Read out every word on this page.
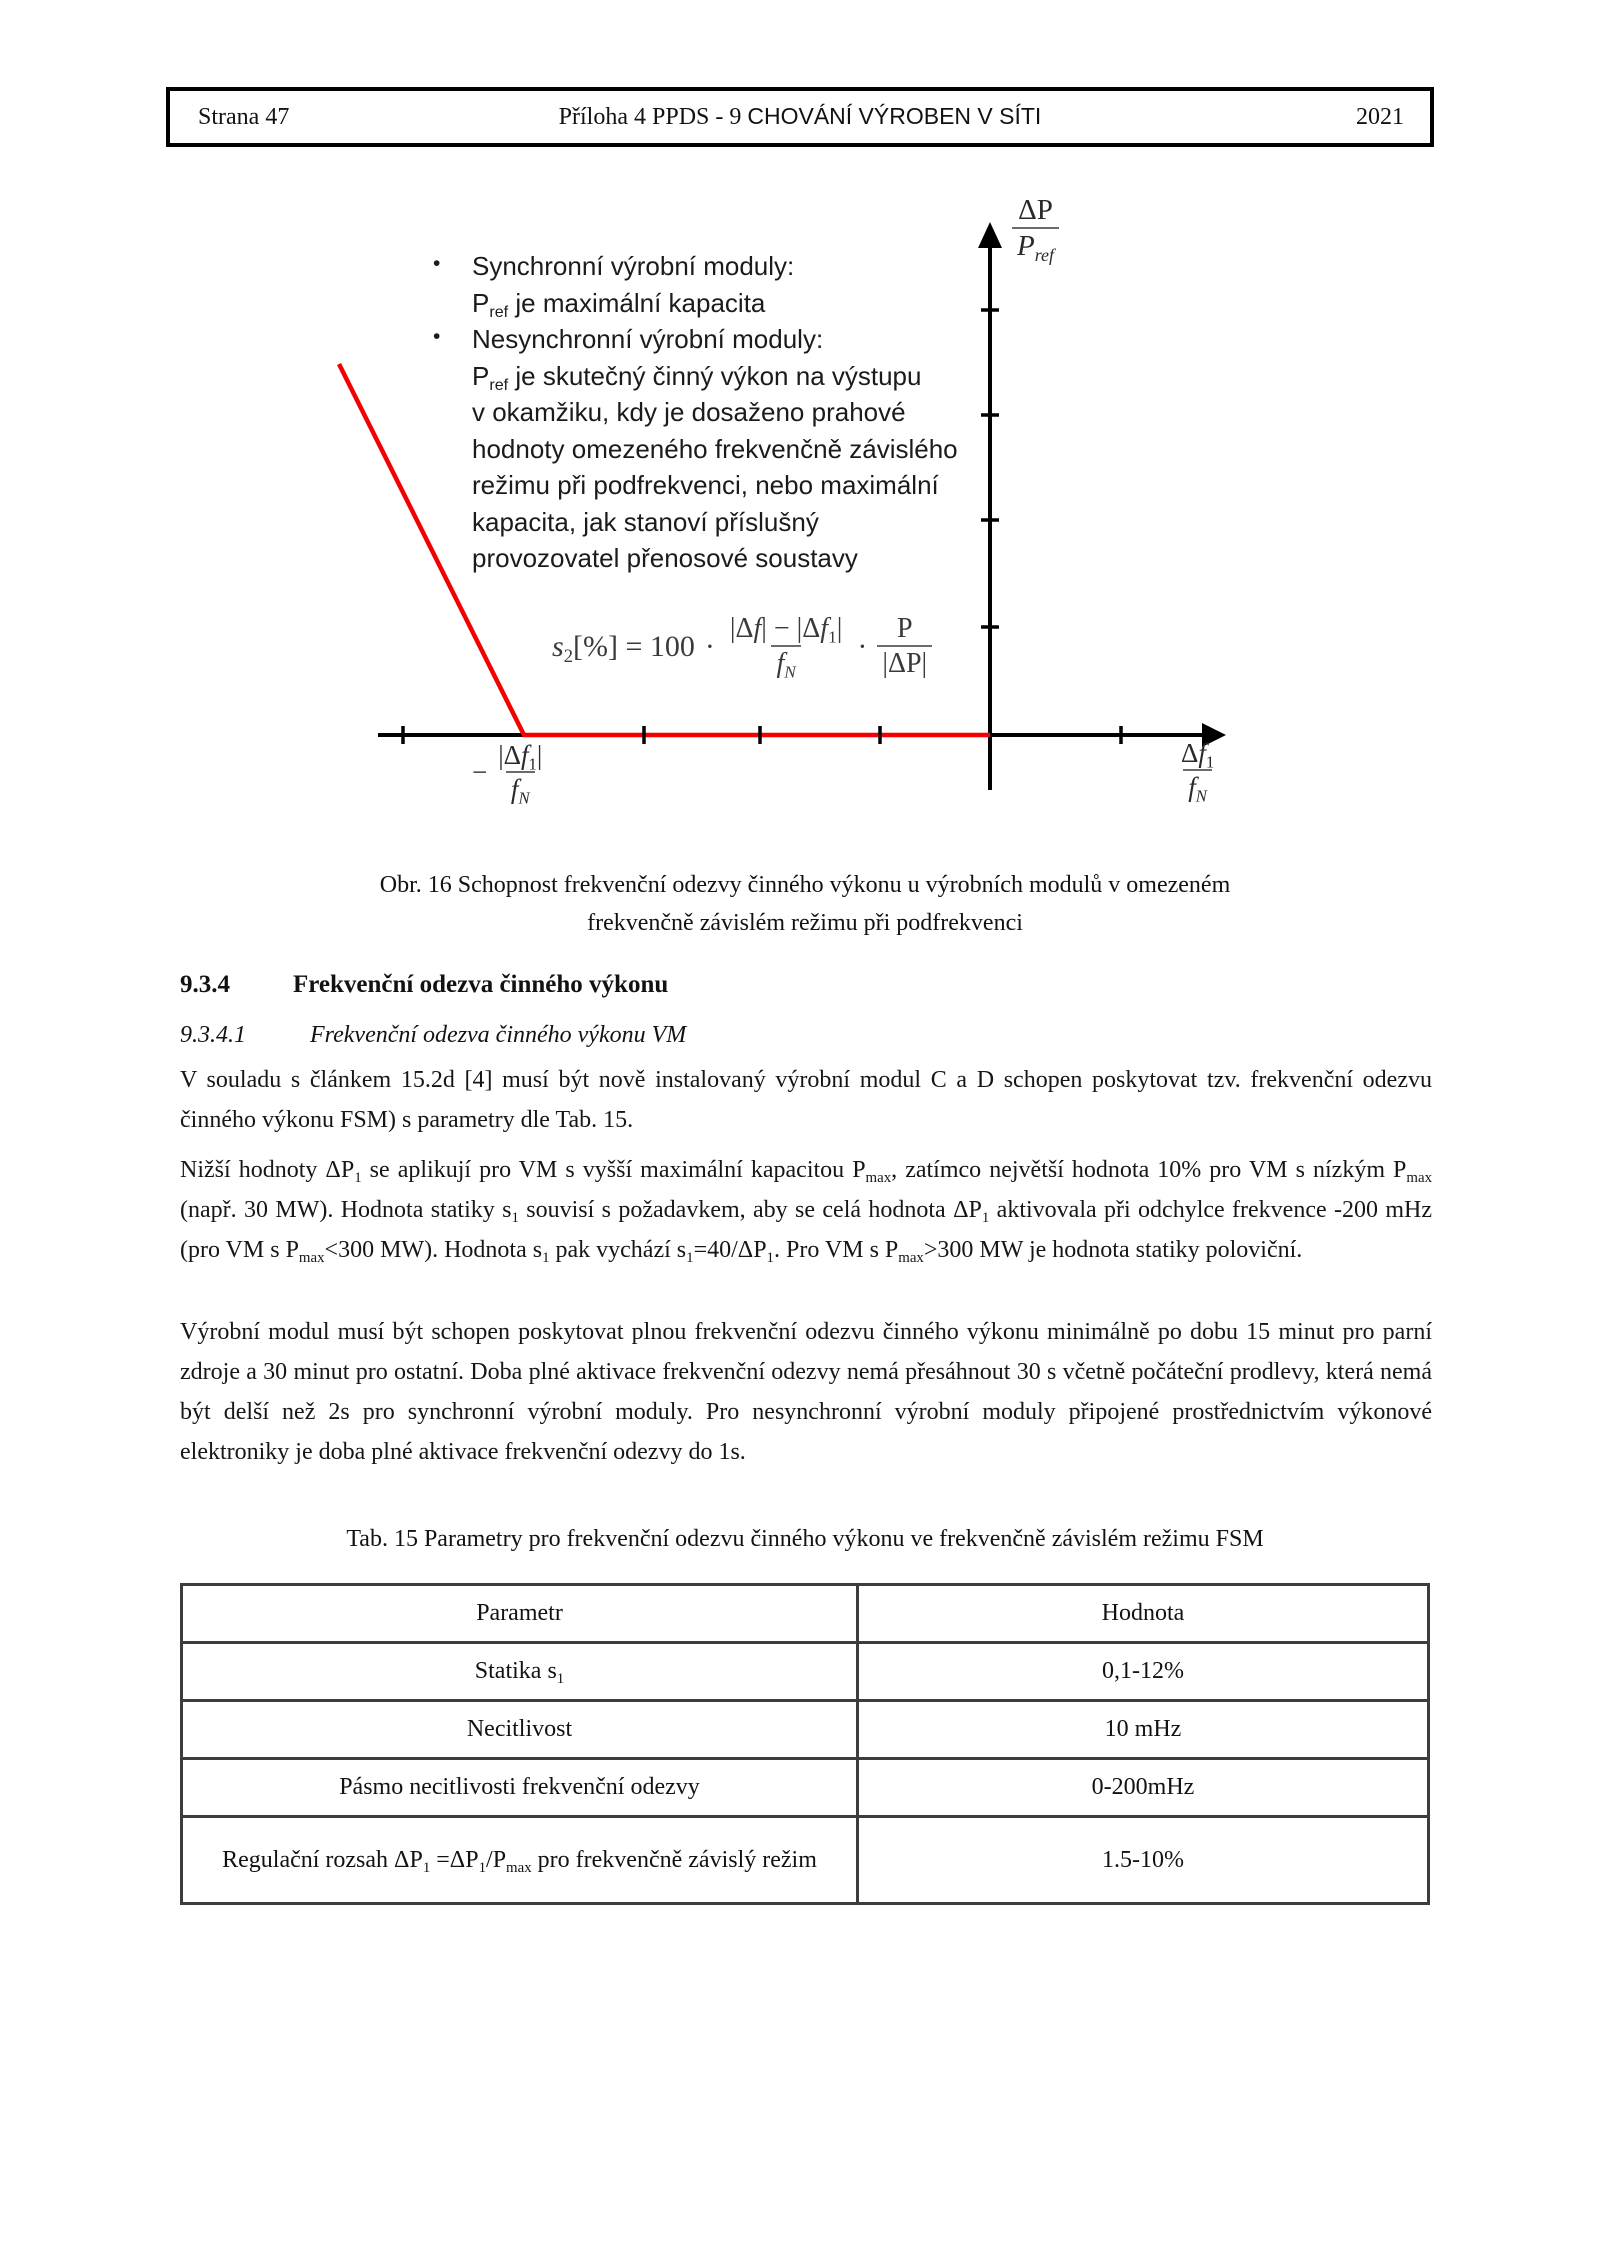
Strana 47	Příloha 4 PPDS - 9 CHOVÁNÍ VÝROBEN V SÍTI	2021
• Synchronní výrobní moduly:
Pref je maximální kapacita
• Nesynchronní výrobní moduly:
Pref je skutečný činný výkon na výstupu
v okamžiku, kdy je dosaženo prahové
hodnoty omezeného frekvenčně závislého
režimu při podfrekvenci, nebo maximální
kapacita, jak stanoví příslušný
provozovatel přenosové soustavy
$s2[\%] = 100 \cdot \frac{|\Delta f| - |\Delta f1|}{fN} \cdot \frac{P}{|\Delta P|}$
$\frac{\Delta P}{\text{Pref}}$
− $\frac{|\Delta f1|}{fN}$	$\frac{\Delta f1}{fN}$
Obr. 16 Schopnost frekvenční odezvy činného výkonu u výrobních modulů v omezeném
frekvenčně závislém režimu při podfrekvenci
9.3.4	Frekvenční odezva činného výkonu
9.3.4.1	Frekvenční odezva činného výkonu VM
V souladu s článkem 15.2d [4] musí být nově instalovaný výrobní modul C a D schopen poskytovat tzv. frekvenční odezvu činného výkonu FSM) s parametry dle Tab. 15.
Nižší hodnoty ΔP1 se aplikují pro VM s vyšší maximální kapacitou Pmax, zatímco největší hodnota 10% pro VM s nízkým Pmax (např. 30 MW). Hodnota statiky s1 souvisí s požadavkem, aby se celá hodnota ΔP1 aktivovala při odchylce frekvence -200 mHz (pro VM s Pmax<300 MW). Hodnota s1 pak vychází s1=40/ΔP1. Pro VM s Pmax>300 MW je hodnota statiky poloviční.
Výrobní modul musí být schopen poskytovat plnou frekvenční odezvu činného výkonu minimálně po dobu 15 minut pro parní zdroje a 30 minut pro ostatní. Doba plné aktivace frekvenční odezvy nemá přesáhnout 30 s včetně počáteční prodlevy, která nemá být delší než 2s pro synchronní výrobní moduly. Pro nesynchronní výrobní moduly připojené prostřednictvím výkonové elektroniky je doba plné aktivace frekvenční odezvy do 1s.
Tab. 15 Parametry pro frekvenční odezvu činného výkonu ve frekvenčně závislém režimu FSM
Parametr	Hodnota
Statika s1	0,1-12%
Necitlivost	10 mHz
Pásmo necitlivosti frekvenční odezvy	0-200mHz
Regulační rozsah ΔP1 =ΔP1/Pmax pro frekvenčně závislý režim	1.5-10%
